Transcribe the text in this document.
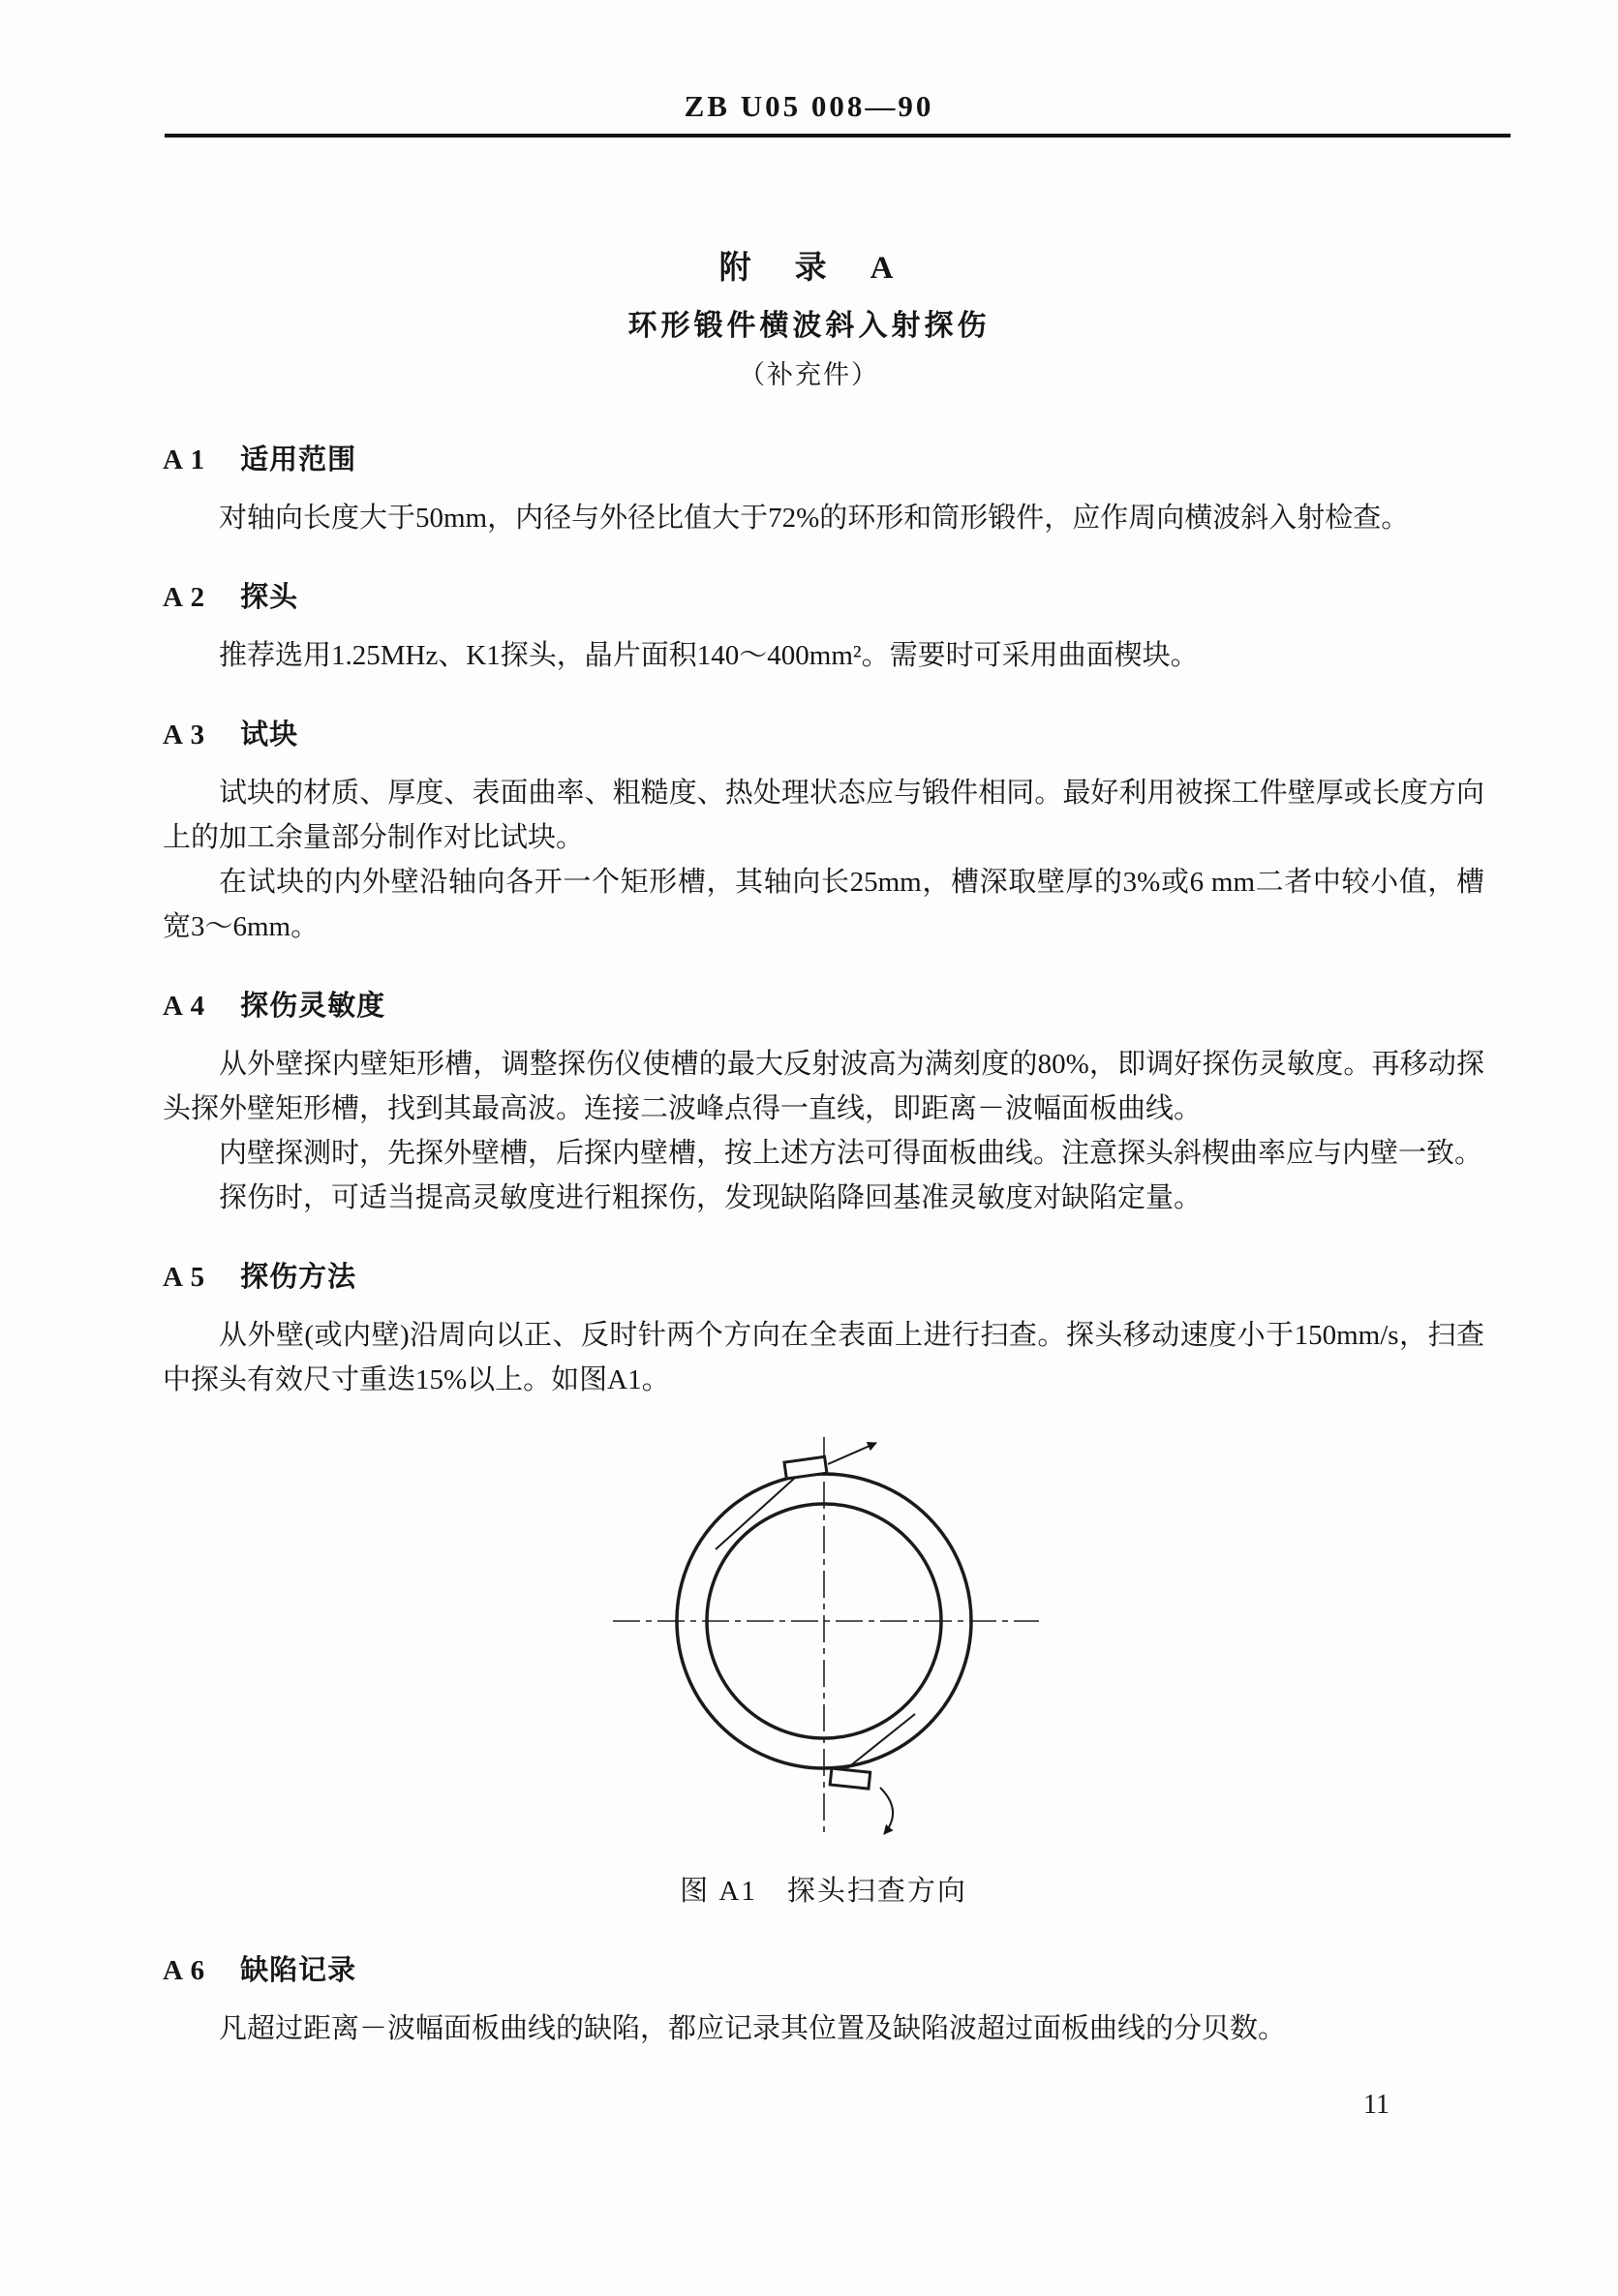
ZB U05 008—90
附　录　A
环形锻件横波斜入射探伤
（补充件）
A 1 适用范围

对轴向长度大于50mm，内径与外径比值大于72%的环形和筒形锻件，应作周向横波斜入射检查。

A 2 探头

推荐选用1.25MHz、K1探头，晶片面积140～400mm²。需要时可采用曲面楔块。

A 3 试块

试块的材质、厚度、表面曲率、粗糙度、热处理状态应与锻件相同。最好利用被探工件壁厚或长度方向上的加工余量部分制作对比试块。

在试块的内外壁沿轴向各开一个矩形槽，其轴向长25mm，槽深取壁厚的3%或6 mm二者中较小值，槽宽3～6mm。

A 4 探伤灵敏度

从外壁探内壁矩形槽，调整探伤仪使槽的最大反射波高为满刻度的80%，即调好探伤灵敏度。再移动探头探外壁矩形槽，找到其最高波。连接二波峰点得一直线，即距离－波幅面板曲线。

内壁探测时，先探外壁槽，后探内壁槽，按上述方法可得面板曲线。注意探头斜楔曲率应与内壁一致。

探伤时，可适当提高灵敏度进行粗探伤，发现缺陷降回基准灵敏度对缺陷定量。

A 5 探伤方法

从外壁(或内壁)沿周向以正、反时针两个方向在全表面上进行扫查。探头移动速度小于150mm/s，扫查中探头有效尺寸重迭15%以上。如图A1。

图 A1　探头扫查方向
A 6 缺陷记录

凡超过距离－波幅面板曲线的缺陷，都应记录其位置及缺陷波超过面板曲线的分贝数。

11
